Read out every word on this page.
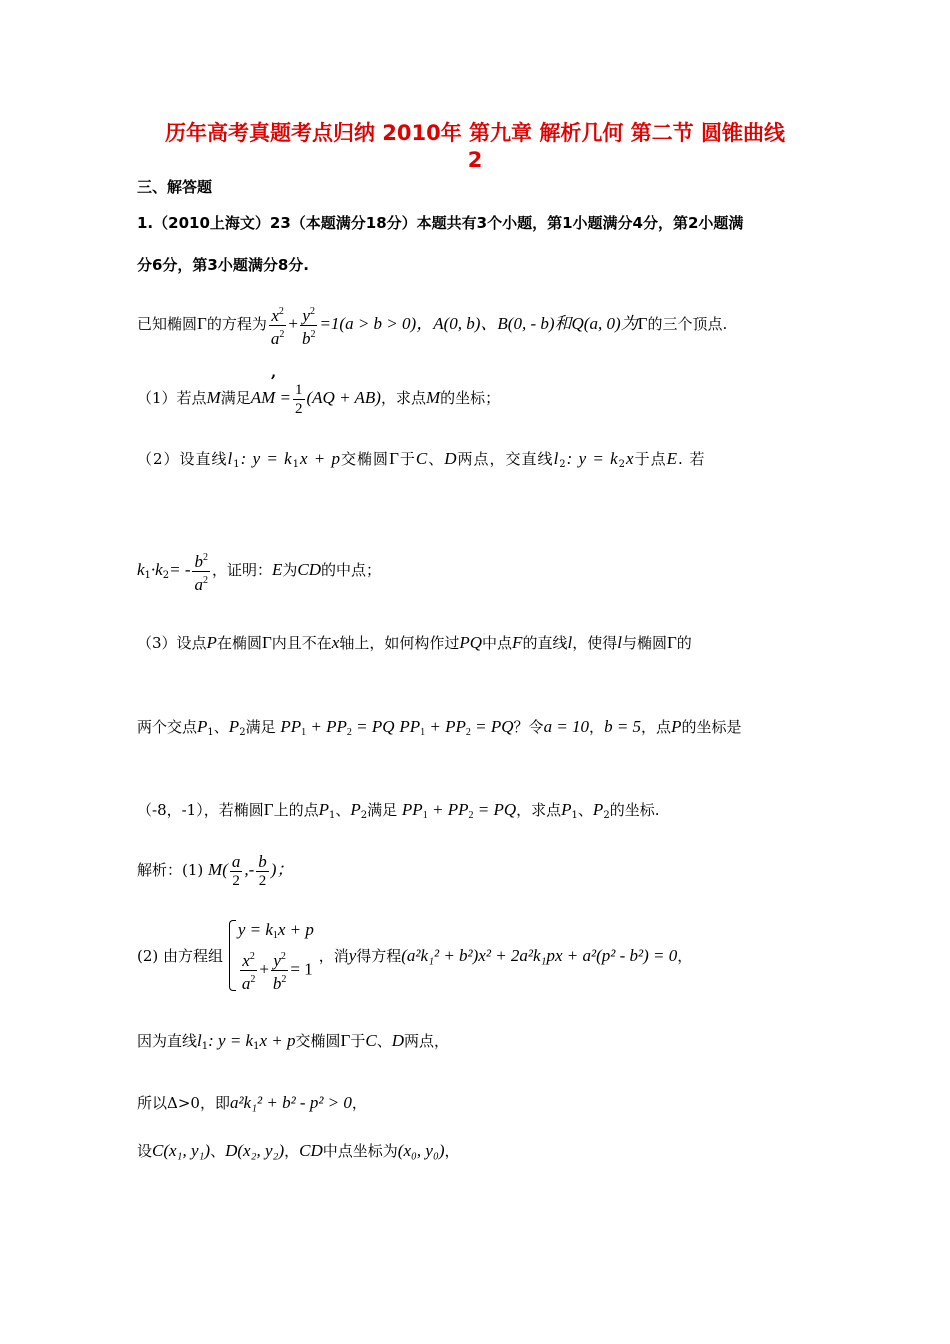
历年高考真题考点归纳 2010年 第九章 解析几何 第二节 圆锥曲线
2
三、解答题
1.（2010上海文）23（本题满分18分）本题共有3个小题，第1小题满分4分，第2小题满
分6分，第3小题满分8分.
已知椭圆Γ的方程为 $\frac{x^2}{a^2} + \frac{y^2}{b^2} =1(a > b > 0)$，A(0, b)、B(0, - b)和Q(a, 0)为Γ的三个顶点.
,
（1）若点M满足AM = $\frac{1}{2} (AQ + AB)$，求点M的坐标；
（2）设直线$l_1$: $y = k_1x + p$交椭圆Γ于C、D两点，交直线$l_2$: $y = k_2x$于点E. 若
$k_1\cdot k_2= - \frac{b^2}{a^2}$ ，证明：E为CD的中点；
（3）设点P在椭圆Γ内且不在x轴上，如何构作过PQ中点F的直线l，使得l与椭圆Γ的
两个交点$P_1$、$P_2$满足 $PP_1 + PP_2$ = PQ $PP_1 + PP_2$ = PQ？令a = 10，b = 5，点P的坐标是
（-8，-1），若椭圆Γ上的点$P_1$、$P_2$满足 $PP_1 + PP_2$ = PQ，求点$P_1$、$P_2$的坐标.
解析：(1) $M( \frac{a}{2}$ ,- $\frac{b}{2}$ )；
(2) 由方程组
$y = k_1x + p$
$\frac{x^2}{a^2} + \frac{y^2}{b^2} = 1$
，消y得方程(a²k₁² + b²)x² + 2a²k₁px + a²(p² - b²) = 0，
因为直线$l_1$: $y = k_1x + p$交椭圆Γ于C、D两点，
所以Δ>0，即a²k₁² + b² - p² > 0，
设C(x₁, y₁)、D(x₂, y₂)，CD中点坐标为(x₀, y₀)，
